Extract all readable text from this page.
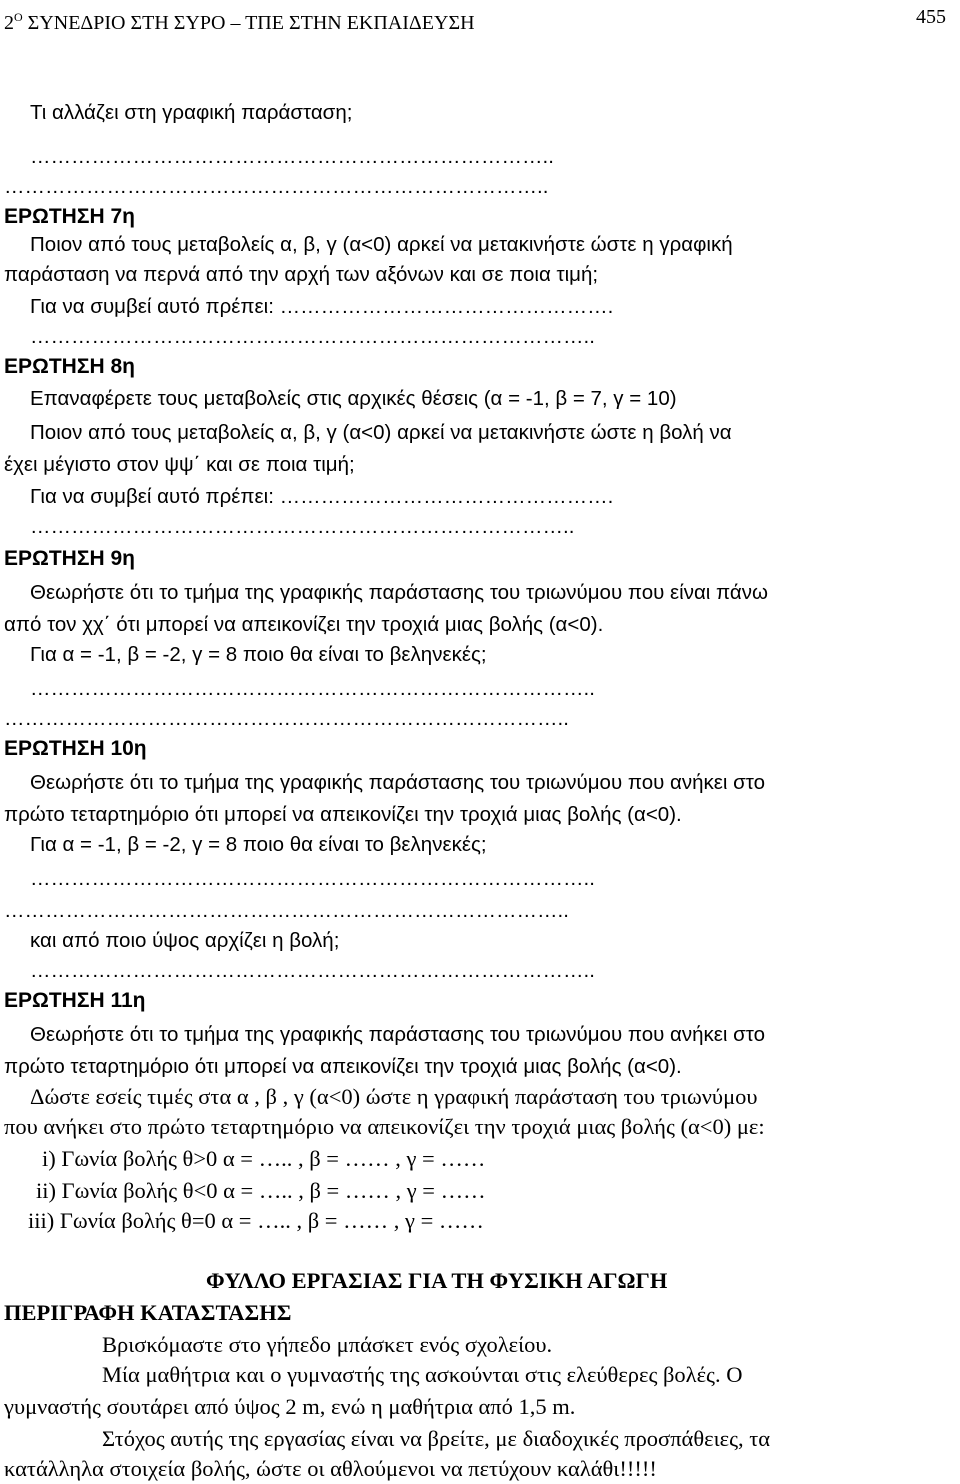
$2^O$ ΣΥΝΕΔΡΙΟ ΣΤΗ ΣΥΡΟ – ΤΠΕ ΣΤΗΝ ΕΚΠΑΙΔΕΥΣΗ	455
Τι αλλάζει στη γραφική παράσταση;
…………………………………………………………………..
……………………………………………………………………..
ΕΡΩΤΗΣΗ 7η
Ποιον από τους μεταβολείς α, β, γ (α<0) αρκεί να μετακινήστε ώστε η γραφική
παράσταση να περνά από την αρχή των αξόνων και σε ποια τιμή;
Για να συμβεί αυτό πρέπει: ………………………………………….
………………………………………………………………………..
ΕΡΩΤΗΣΗ 8η
Επαναφέρετε τους μεταβολείς στις αρχικές θέσεις (α = -1, β = 7, γ = 10)
Ποιον από τους μεταβολείς α, β, γ (α<0) αρκεί να μετακινήστε ώστε η βολή να
έχει μέγιστο στον ψψ΄ και σε ποια τιμή;
Για να συμβεί αυτό πρέπει: ………………………………………….
……………………………………………………………………..
ΕΡΩΤΗΣΗ 9η
Θεωρήστε ότι το τμήμα της γραφικής παράστασης του τριωνύμου που είναι πάνω
από τον χχ΄ ότι μπορεί να απεικονίζει την τροχιά μιας βολής (α<0).
Για α = -1, β = -2, γ = 8 ποιο θα είναι το βεληνεκές;
………………………………………………………………………..
………………………………………………………………………..
ΕΡΩΤΗΣΗ 10η
Θεωρήστε ότι το τμήμα της γραφικής παράστασης του τριωνύμου που ανήκει στο
πρώτο τεταρτημόριο ότι μπορεί να απεικονίζει την τροχιά μιας βολής (α<0).
Για α = -1, β = -2, γ = 8 ποιο θα είναι το βεληνεκές;
………………………………………………………………………..
………………………………………………………………………..
και από ποιο ύψος αρχίζει η βολή;
………………………………………………………………………..
ΕΡΩΤΗΣΗ 11η
Θεωρήστε ότι το τμήμα της γραφικής παράστασης του τριωνύμου που ανήκει στο
πρώτο τεταρτημόριο ότι μπορεί να απεικονίζει την τροχιά μιας βολής (α<0).
Δώστε εσείς τιμές στα α , β , γ (α<0) ώστε η γραφική παράσταση του τριωνύμου
που ανήκει στο πρώτο τεταρτημόριο να απεικονίζει την τροχιά μιας βολής (α<0) με:
i) Γωνία βολής θ>0 α = ….. , β = …… , γ = ……
ii) Γωνία βολής θ<0 α = ….. , β = …… , γ = ……
iii) Γωνία βολής θ=0 α = ….. , β = …… , γ = ……
ΦΥΛΛΟ ΕΡΓΑΣΙΑΣ ΓΙΑ ΤΗ ΦΥΣΙΚΗ ΑΓΩΓΗ
ΠΕΡΙΓΡΑΦΗ ΚΑΤΑΣΤΑΣΗΣ
Βρισκόμαστε στο γήπεδο μπάσκετ ενός σχολείου.
Μία μαθήτρια και ο γυμναστής της ασκούνται στις ελεύθερες βολές. Ο
γυμναστής σουτάρει από ύψος 2 m, ενώ η μαθήτρια από 1,5 m.
Στόχος αυτής της εργασίας είναι να βρείτε, με διαδοχικές προσπάθειες, τα
κατάλληλα στοιχεία βολής, ώστε οι αθλούμενοι να πετύχουν καλάθι!!!!!
